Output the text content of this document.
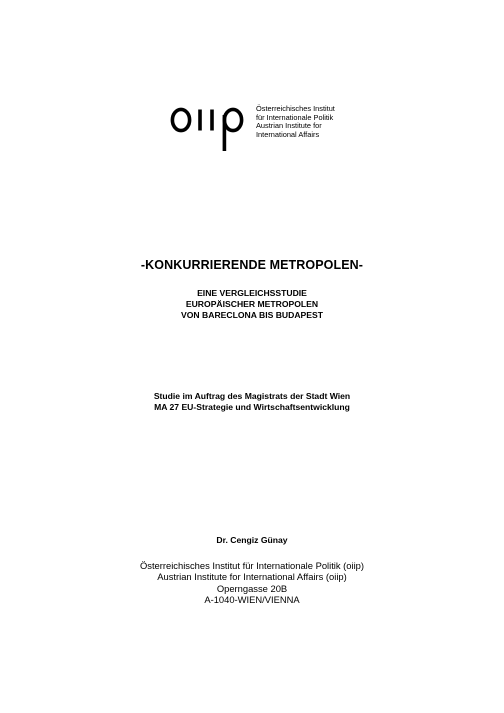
Österreichisches Institut
für Internationale Politik
Austrian Institute for
International Affairs
-KONKURRIERENDE METROPOLEN-
EINE VERGLEICHSSTUDIE
EUROPÄISCHER METROPOLEN
VON BARECLONA BIS BUDAPEST
Studie im Auftrag des Magistrats der Stadt Wien
MA 27 EU-Strategie und Wirtschaftsentwicklung
Dr. Cengiz Günay
Österreichisches Institut für Internationale Politik (oiip)
Austrian Institute for International Affairs (oiip)
Operngasse 20B
A-1040-WIEN/VIENNA
